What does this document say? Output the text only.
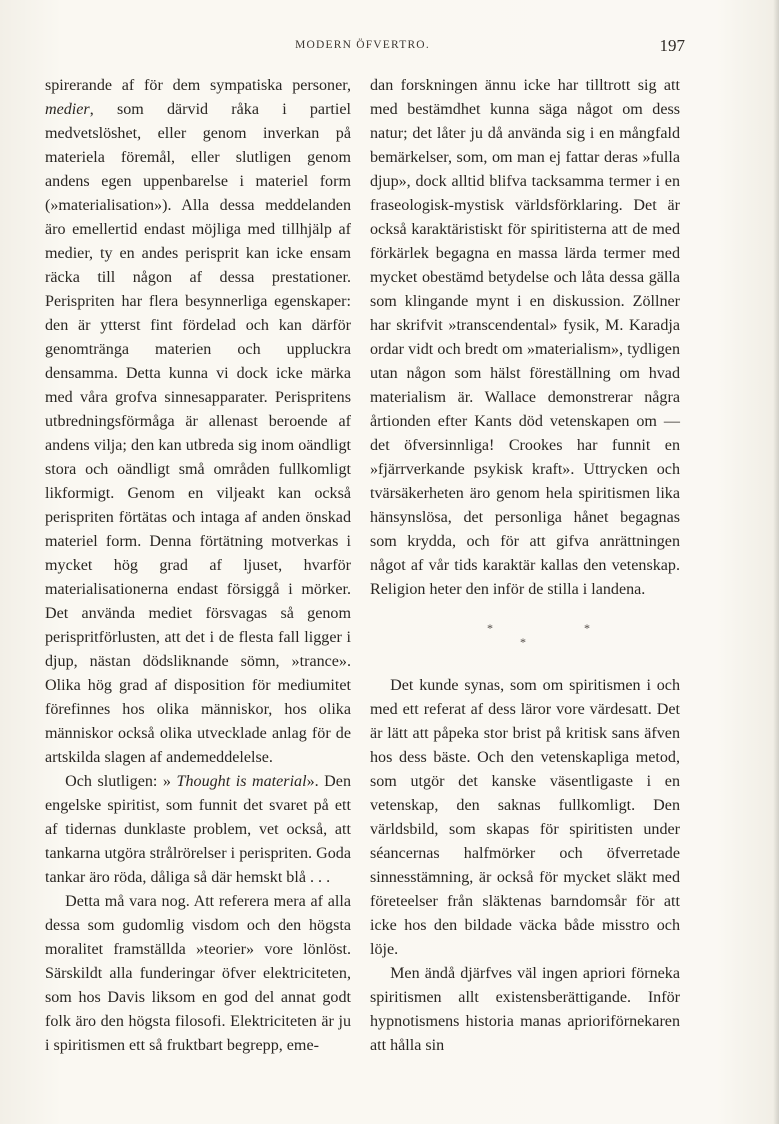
MODERN ÖFVERTRO.	197

spirerande af för dem sympatiska personer, medier, som därvid råka i partiel medvetslöshet, eller genom inverkan på materiela föremål, eller slutligen genom andens egen uppenbarelse i materiel form (»materialisation»). Alla dessa meddelanden äro emellertid endast möjliga med tillhjälp af medier, ty en andes perisprit kan icke ensam räcka till någon af dessa prestationer. Perispriten har flera besynnerliga egenskaper: den är ytterst fint fördelad och kan därför genomtränga materien och uppluckra densamma. Detta kunna vi dock icke märka med våra grofva sinnesapparater. Perispritens utbredningsförmåga är allenast beroende af andens vilja; den kan utbreda sig inom oändligt stora och oändligt små områden fullkomligt likformigt. Genom en viljeakt kan också perispriten förtätas och intaga af anden önskad materiel form. Denna förtätning motverkas i mycket hög grad af ljuset, hvarför materialisationerna endast försiggå i mörker. Det använda mediet försvagas så genom perispritförlusten, att det i de flesta fall ligger i djup, nästan dödsliknande sömn, »trance». Olika hög grad af disposition för mediumitet förefinnes hos olika människor, hos olika människor också olika utvecklade anlag för de artskilda slagen af andemeddelelse.

Och slutligen: » Thought is material». Den engelske spiritist, som funnit det svaret på ett af tidernas dunklaste problem, vet också, att tankarna utgöra strålrörelser i perispriten. Goda tankar äro röda, dåliga så där hemskt blå . . .

Detta må vara nog. Att referera mera af alla dessa som gudomlig visdom och den högsta moralitet framställda »teorier» vore lönlöst. Särskildt alla funderingar öfver elektriciteten, som hos Davis liksom en god del annat godt folk äro den högsta filosofi. Elektriciteten är ju i spiritismen ett så fruktbart begrepp, eme-

dan forskningen ännu icke har tilltrott sig att med bestämdhet kunna säga något om dess natur; det låter ju då använda sig i en mångfald bemärkelser, som, om man ej fattar deras »fulla djup», dock alltid blifva tacksamma termer i en fraseologisk-mystisk världsförklaring. Det är också karaktäristiskt för spiritisterna att de med förkärlek begagna en massa lärda termer med mycket obestämd betydelse och låta dessa gälla som klingande mynt i en diskussion. Zöllner har skrifvit »transcendental» fysik, M. Karadja ordar vidt och bredt om »materialism», tydligen utan någon som hälst föreställning om hvad materialism är. Wallace demonstrerar några årtionden efter Kants död vetenskapen om — det öfversinnliga! Crookes har funnit en »fjärrverkande psykisk kraft». Uttrycken och tvärsäkerheten äro genom hela spiritismen lika hänsynslösa, det personliga hånet begagnas som krydda, och för att gifva anrättningen något af vår tids karaktär kallas den vetenskap. Religion heter den inför de stilla i landena.

*	*
*

Det kunde synas, som om spiritismen i och med ett referat af dess läror vore värdesatt. Det är lätt att påpeka stor brist på kritisk sans äfven hos dess bäste. Och den vetenskapliga metod, som utgör det kanske väsentligaste i en vetenskap, den saknas fullkomligt. Den världsbild, som skapas för spiritisten under séancernas halfmörker och öfverretade sinnesstämning, är också för mycket släkt med företeelser från släktenas barndomsår för att icke hos den bildade väcka både misstro och löje.

Men ändå djärfves väl ingen apriori förneka spiritismen allt existensberättigande. Inför hypnotismens historia manas aprioriförnekaren att hålla sin
